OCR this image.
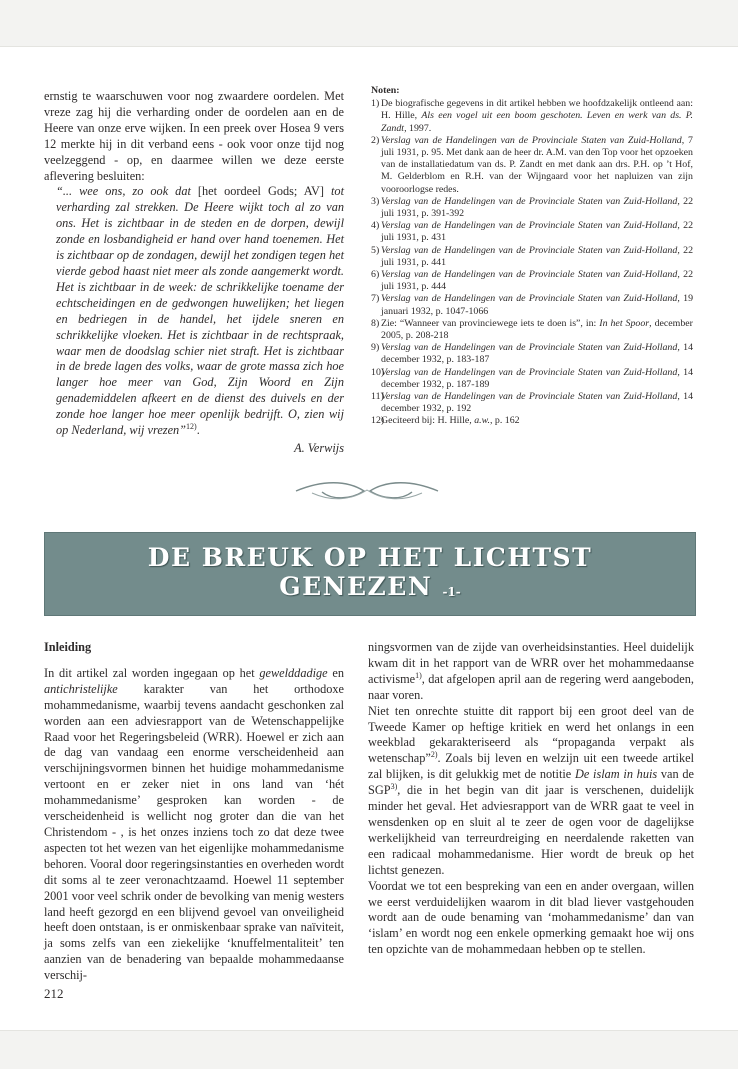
ernstig te waarschuwen voor nog zwaardere oordelen. Met vreze zag hij die verharding onder de oordelen aan en de Heere van onze erve wijken. In een preek over Hosea 9 vers 12 merkte hij in dit verband eens - ook voor onze tijd nog veelzeggend - op, en daarmee willen we deze eerste aflevering besluiten:

“... wee ons, zo ook dat [het oordeel Gods; AV] tot verharding zal strekken. De Heere wijkt toch al zo van ons. Het is zichtbaar in de steden en de dorpen, dewijl zonde en losbandigheid er hand over hand toenemen. Het is zichtbaar op de zondagen, dewijl het zondigen tegen het vierde gebod haast niet meer als zonde aangemerkt wordt. Het is zichtbaar in de week: de schrikkelijke toename der echtscheidingen en de gedwongen huwelijken; het liegen en bedriegen in de handel, het ijdele sneren en schrikkelijke vloeken. Het is zichtbaar in de rechtspraak, waar men de doodslag schier niet straft. Het is zichtbaar in de brede lagen des volks, waar de grote massa zich hoe langer hoe meer van God, Zijn Woord en Zijn genademiddelen afkeert en de dienst des duivels en der zonde hoe langer hoe meer openlijk bedrijft. O, zien wij op Nederland, wij vrezen”$^{12)}$.

A. Verwijs

Noten:

1) De biografische gegevens in dit artikel hebben we hoofdzakelijk ontleend aan: H. Hille, Als een vogel uit een boom geschoten. Leven en werk van ds. P. Zandt, 1997.
2) Verslag van de Handelingen van de Provinciale Staten van Zuid-Holland, 7 juli 1931, p. 95. Met dank aan de heer dr. A.M. van den Top voor het opzoeken van de installatiedatum van ds. P. Zandt en met dank aan drs. P.H. op ’t Hof, M. Gelderblom en R.H. van der Wijngaard voor het napluizen van zijn vooroorlogse redes.
3) Verslag van de Handelingen van de Provinciale Staten van Zuid-Holland, 22 juli 1931, p. 391-392
4) Verslag van de Handelingen van de Provinciale Staten van Zuid-Holland, 22 juli 1931, p. 431
5) Verslag van de Handelingen van de Provinciale Staten van Zuid-Holland, 22 juli 1931, p. 441
6) Verslag van de Handelingen van de Provinciale Staten van Zuid-Holland, 22 juli 1931, p. 444
7) Verslag van de Handelingen van de Provinciale Staten van Zuid-Holland, 19 januari 1932, p. 1047-1066
8) Zie: “Wanneer van provinciewege iets te doen is”, in: In het Spoor, december 2005, p. 208-218
9) Verslag van de Handelingen van de Provinciale Staten van Zuid-Holland, 14 december 1932, p. 183-187
10)
Verslag van de Handelingen van de Provinciale Staten van Zuid-Holland, 14 december 1932, p. 187-189
11)
Verslag van de Handelingen van de Provinciale Staten van Zuid-Holland, 14 december 1932, p. 192
12)
Geciteerd bij: H. Hille, a.w., p. 162
DE BREUK OP HET LICHTST
GENEZEN $^{-1-}$

Inleiding

In dit artikel zal worden ingegaan op het gewelddadige en antichristelijke karakter van het orthodoxe mohammedanisme, waarbij tevens aandacht geschonken zal worden aan een adviesrapport van de Wetenschappelijke Raad voor het Regeringsbeleid (WRR). Hoewel er zich aan de dag van vandaag een enorme verscheidenheid aan verschijningsvormen binnen het huidige mohammedanisme vertoont en er zeker niet in ons land van ‘hét mohammedanisme’ gesproken kan worden - de verscheidenheid is wellicht nog groter dan die van het Christendom - , is het onzes inziens toch zo dat deze twee aspecten tot het wezen van het eigenlijke mohammedanisme behoren. Vooral door regeringsinstanties en overheden wordt dit soms al te zeer veronachtzaamd. Hoewel 11 september 2001 voor veel schrik onder de bevolking van menig westers land heeft gezorgd en een blijvend gevoel van onveiligheid heeft doen ontstaan, is er onmiskenbaar sprake van naïviteit, ja soms zelfs van een ziekelijke ‘knuffelmentaliteit’ ten aanzien van de benadering van bepaalde mohammedaanse verschij-

ningsvormen van de zijde van overheidsinstanties. Heel duidelijk kwam dit in het rapport van de WRR over het mohammedaanse activisme$^{1)}$, dat afgelopen april aan de regering werd aangeboden, naar voren.

Niet ten onrechte stuitte dit rapport bij een groot deel van de Tweede Kamer op heftige kritiek en werd het onlangs in een weekblad gekarakteriseerd als “propaganda verpakt als wetenschap”$^{2)}$. Zoals bij leven en welzijn uit een tweede artikel zal blijken, is dit gelukkig met de notitie De islam in huis van de SGP$^{3)}$, die in het begin van dit jaar is verschenen, duidelijk minder het geval. Het adviesrapport van de WRR gaat te veel in wensdenken op en sluit al te zeer de ogen voor de dagelijkse werkelijkheid van terreurdreiging en neerdalende raketten van een radicaal mohammedanisme. Hier wordt de breuk op het lichtst genezen.

Voordat we tot een bespreking van een en ander overgaan, willen we eerst verduidelijken waarom in dit blad liever vastgehouden wordt aan de oude benaming van ‘mohammedanisme’ dan van ‘islam’ en wordt nog een enkele opmerking gemaakt hoe wij ons ten opzichte van de mohammedaan hebben op te stellen.

212
